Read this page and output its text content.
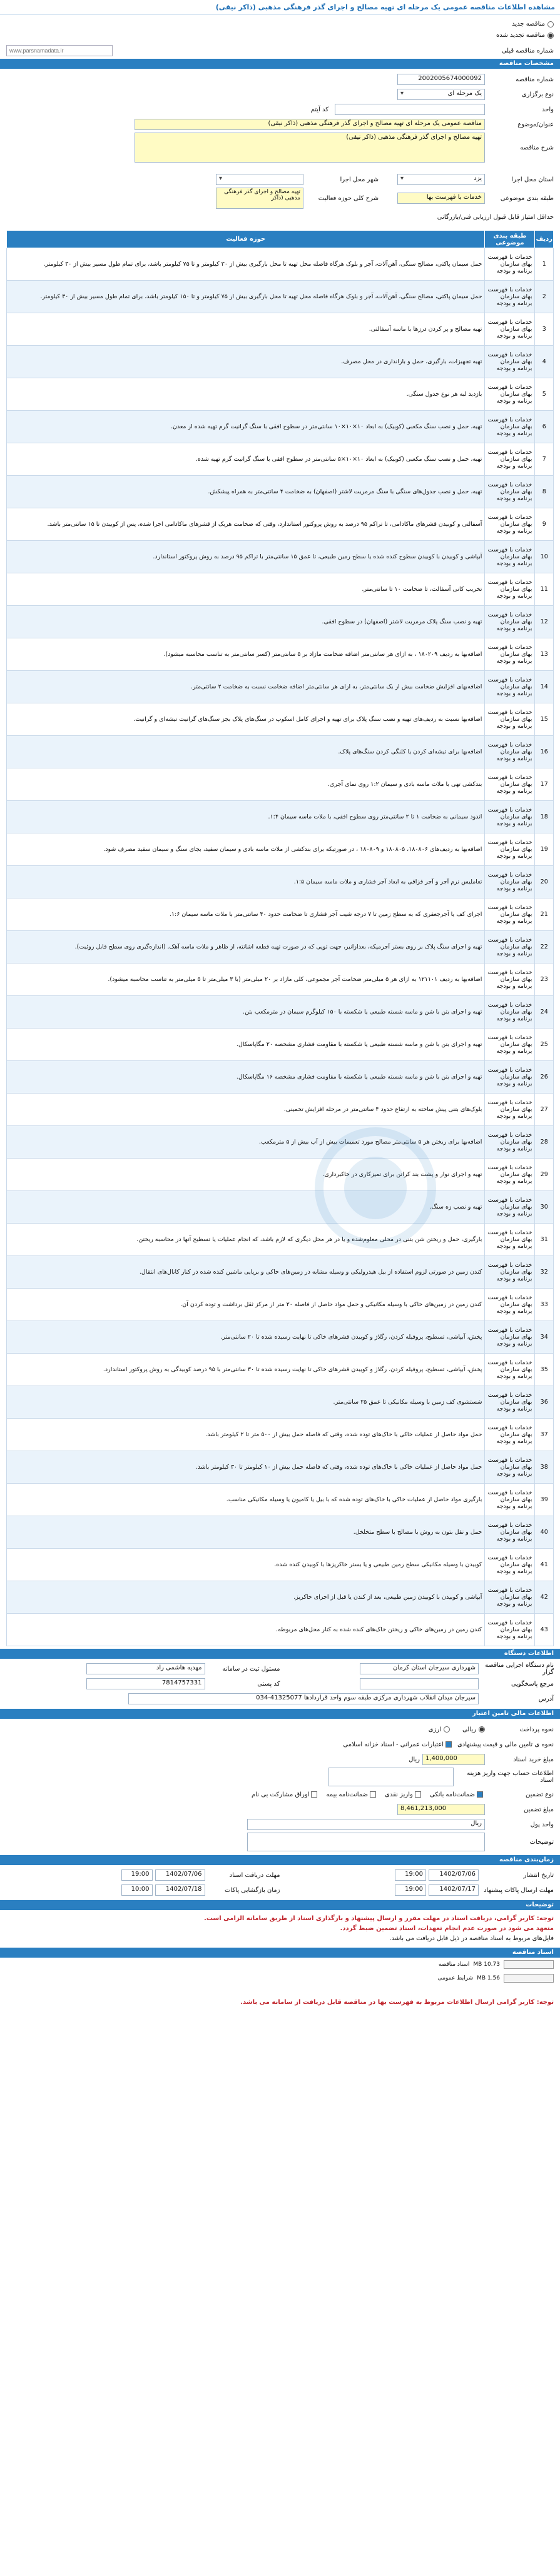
مشاهده اطلاعات مناقصه عمومی یک مرحله ای تهیه مصالح و اجرای گذر فرهنگی مذهبی (ذاکر نیقی)
مناقصه جدید
مناقصه تجدید شده
شماره مناقصه قبلی
www.parsnamadata.ir
مشخصات مناقصه
شماره مناقصه
2002005674000092
نوع برگزاری
یک مرحله ای ▾
واحد
کد آیتم
عنوان/موضوع
مناقصه عمومی یک مرحله ای تهیه مصالح و اجرای گذر فرهنگی مذهبی (ذاکر نیقی)
شرح مناقصه
تهیه مصالح و اجرای گذر فرهنگی مذهبی (ذاکر نیقی)
استان محل اجرا
یزد ▾
شهر محل اجرا
▾
طبقه بندی موضوعی
خدمات با فهرست بها
شرح کلی حوزه فعالیت
تهیه مصالح و اجرای گذر فرهنگی مذهبی (ذاکر
حداقل امتیاز قابل قبول ارزیابی فنی/بازرگانی
ردیف	طبقه بندی موضوعی	حوزه فعالیت
1	خدمات با فهرست بهای سازمان برنامه و بودجه	حمل سیمان پاکتی، مصالح سنگی، آهن‌آلات، آجر و بلوک هرگاه فاصله محل تهیه تا محل بارگیری بیش از ۳۰ کیلومتر و تا ۷۵ کیلومتر باشد، برای تمام طول مسیر بیش از ۳۰ کیلومتر.
2	خدمات با فهرست بهای سازمان برنامه و بودجه	حمل سیمان پاکتی، مصالح سنگی، آهن‌آلات، آجر و بلوک هرگاه فاصله محل تهیه تا محل بارگیری بیش از ۷۵ کیلومتر و تا ۱۵۰ کیلومتر باشد، برای تمام طول مسیر بیش از ۳۰ کیلومتر.
3	خدمات با فهرست بهای سازمان برنامه و بودجه	تهیه مصالح و پر کردن درزها با ماسه آسفالتی.
4	خدمات با فهرست بهای سازمان برنامه و بودجه	تهیه تجهیزات، بارگیری، حمل و بازاندازی در محل مصرف.
5	خدمات با فهرست بهای سازمان برنامه و بودجه	بازدید لبه هر نوع جدول سنگی.
6	خدمات با فهرست بهای سازمان برنامه و بودجه	تهیه، حمل و نصب سنگ مکعبی (کوبیک) به ابعاد ۱۰×۱۰×۱۰ سانتی‌متر در سطوح افقی با سنگ گرانیت گرم تهیه شده از معدن.
7	خدمات با فهرست بهای سازمان برنامه و بودجه	تهیه، حمل و نصب سنگ مکعبی (کوبیک) به ابعاد ۱۰×۱۰×۵ سانتی‌متر در سطوح افقی با سنگ گرانیت گرم تهیه شده.
8	خدمات با فهرست بهای سازمان برنامه و بودجه	تهیه، حمل و نصب جدول‌های سنگی با سنگ مرمریت لاشتر (اصفهان) به ضخامت ۴ سانتی‌متر به همراه پیشکش.
9	خدمات با فهرست بهای سازمان برنامه و بودجه	آسفالتی و کوبیدن قشرهای ماکادامی، تا تراکم ۹۵ درصد به روش پروکتور استاندارد، وقتی که ضخامت هریک از قشرهای ماکادامی اجرا شده، پس از کوبیدن تا ۱۵ سانتی‌متر باشد.
10	خدمات با فهرست بهای سازمان برنامه و بودجه	آبپاشی و کوبیدن با کوبیدن سطوح کنده شده یا سطح زمین طبیعی، تا عمق ۱۵ سانتی‌متر با تراکم ۹۵ درصد به روش پروکتور استاندارد.
11	خدمات با فهرست بهای سازمان برنامه و بودجه	تخریب کانی آسفالت، تا ضخامت ۱۰ تا سانتی‌متر.
12	خدمات با فهرست بهای سازمان برنامه و بودجه	تهیه و نصب سنگ پلاک مرمریت لاشتر (اصفهان) در سطوح افقی.
13	خدمات با فهرست بهای سازمان برنامه و بودجه	اضافه‌بها به ردیف ۱۸۰۲۰۹ ، به ازای هر سانتی‌متر اضافه ضخامت مازاد بر ۵ سانتی‌متر (کسر سانتی‌متر به تناسب محاسبه میشود).
14	خدمات با فهرست بهای سازمان برنامه و بودجه	اضافه‌بهای افزایش ضخامت بیش از یک سانتی‌متر، به ازای هر سانتی‌متر اضافه ضخامت نسبت به ضخامت ۲ سانتی‌متر.
15	خدمات با فهرست بهای سازمان برنامه و بودجه	اضافه‌بها نسبت به ردیف‌های تهیه و نصب سنگ پلاک برای تهیه و اجرای کامل اسکوپ در سنگ‌های پلاک بجز سنگ‌های گرانیت تیشه‌ای و گرانیت.
16	خدمات با فهرست بهای سازمان برنامه و بودجه	اضافه‌بها برای تیشه‌ای کردن یا کلنگی کردن سنگ‌های پلاک.
17	خدمات با فهرست بهای سازمان برنامه و بودجه	بندکشی تهی با ملات ماسه بادی و سیمان ۱:۲ روی نمای آجری.
18	خدمات با فهرست بهای سازمان برنامه و بودجه	اندود سیمانی به ضخامت ۱ تا ۲ سانتی‌متر روی سطوح افقی، با ملات ماسه سیمان ۱:۴.
19	خدمات با فهرست بهای سازمان برنامه و بودجه	اضافه‌بها به ردیف‌های ۱۸۰۸۰۶، ۱۸۰۸۰۵ و ۱۸۰۸۰۹ ، در صورتیکه برای بندکشی از ملات ماسه بادی و سیمان سفید، بجای سنگ و سیمان سفید مصرف شود.
20	خدمات با فهرست بهای سازمان برنامه و بودجه	تعاملیس نرم آجر و آجر قزاقی به ابعاد آجر فشاری و ملات ماسه سیمان ۱:۵.
21	خدمات با فهرست بهای سازمان برنامه و بودجه	اجرای کف یا آجرجعفری که به سطح زمین تا ۷ درجه شیب آجر فشاری تا ضخامت حدود ۴۰ سانتی‌متر با ملات ماسه سیمان ۱:۶.
22	خدمات با فهرست بهای سازمان برنامه و بودجه	تهیه و اجرای سنگ پلاک بر روی بستر آجرمپکه، بعدازانبر، جهت توپی که در صورت تهیه قطعه اشانته، از ظاهر و ملات ماسه آهک. (اندازه‌گیری روی سطح قابل روئیت).
23	خدمات با فهرست بهای سازمان برنامه و بودجه	اضافه‌بها به ردیف ۱۲۱۱۰۱ به ازای هر ۵ میلی‌متر ضخامت آجر مجموعی، کلی مازاد بر ۲۰ میلی‌متر (با ۳ میلی‌متر تا ۵ میلی‌متر به تناسب محاسبه میشود).
24	خدمات با فهرست بهای سازمان برنامه و بودجه	تهیه و اجرای بتن با شن و ماسه شسته طبیعی یا شکسته با ۱۵۰ کیلوگرم سیمان در مترمکعب بتن.
25	خدمات با فهرست بهای سازمان برنامه و بودجه	تهیه و اجرای بتن با شن و ماسه شسته طبیعی یا شکسته با مقاومت فشاری مشخصه ۲۰ مگاپاسکال.
26	خدمات با فهرست بهای سازمان برنامه و بودجه	تهیه و اجرای بتن با شن و ماسه شسته طبیعی یا شکسته با مقاومت فشاری مشخصه ۱۶ مگاپاسکال.
27	خدمات با فهرست بهای سازمان برنامه و بودجه	بلوک‌های بتنی پیش ساخته به ارتفاع حدود ۴ سانتی‌متر در مرحله افزایش تخمینی.
28	خدمات با فهرست بهای سازمان برنامه و بودجه	اضافه‌بها برای ریختن هر ۵ سانتی‌متر مصالح مورد تعمیمات بیش از آب بیش از ۵ مترمکعب.
29	خدمات با فهرست بهای سازمان برنامه و بودجه	تهیه و اجرای نوار و پشت بند کراتن برای تمیزکاری در خاکبرداری.
30	خدمات با فهرست بهای سازمان برنامه و بودجه	تهیه و نصب زه سنگ.
31	خدمات با فهرست بهای سازمان برنامه و بودجه	بارگیری، حمل و ریختن شن بتنی در محلی معلوم‌شده و یا در هر محل دیگری که لازم باشد، که انجام عملیات یا تسطیح آنها در محاسبه ریختن.
32	خدمات با فهرست بهای سازمان برنامه و بودجه	کندن زمین در صورتی لزوم استفاده از بیل هیدرولیکی و وسیله مشابه در زمین‌های خاکی و برپایی ماشین کنده شده در کنار کانال‌های انتقال.
33	خدمات با فهرست بهای سازمان برنامه و بودجه	کندن زمین در زمین‌های خاکی با وسیله مکانیکی و حمل مواد حاصل از فاصله ۲۰ متر از مرکز ثقل برداشت و توده کردن آن.
34	خدمات با فهرست بهای سازمان برنامه و بودجه	پخش، آبپاشی، تسطیح، پروفیله کردن، رگلاژ و کوبیدن قشرهای خاکی تا نهایت رسیده شده تا ۲۰ سانتی‌متر.
35	خدمات با فهرست بهای سازمان برنامه و بودجه	پخش، آبپاشی، تسطیح، پروفیله کردن، رگلاژ و کوبیدن قشرهای خاکی تا نهایت رسیده شده تا ۳۰ سانتی‌متر با ۹۵ درصد کوبیدگی به روش پروکتور استاندارد.
36	خدمات با فهرست بهای سازمان برنامه و بودجه	شستشوی کف زمین با وسیله مکانیکی تا عمق ۲۵ سانتی‌متر.
37	خدمات با فهرست بهای سازمان برنامه و بودجه	حمل مواد حاصل از عملیات خاکی با خاک‌های توده شده، وقتی که فاصله حمل بیش از ۵۰۰ متر تا ۲ کیلومتر باشد.
38	خدمات با فهرست بهای سازمان برنامه و بودجه	حمل مواد حاصل از عملیات خاکی با خاک‌های توده شده، وقتی که فاصله حمل بیش از ۱۰ کیلومتر تا ۳۰ کیلومتر باشد.
39	خدمات با فهرست بهای سازمان برنامه و بودجه	بارگیری مواد حاصل از عملیات خاکی با خاک‌های توده شده که با بیل یا کامیون یا وسیله مکانیکی مناسب.
40	خدمات با فهرست بهای سازمان برنامه و بودجه	حمل و نقل بتون به روش با مصالح با سطح متخلخل.
41	خدمات با فهرست بهای سازمان برنامه و بودجه	کوبیدن با وسیله مکانیکی سطح زمین طبیعی و یا بستر خاکریزها با کوبیدن کنده شده.
42	خدمات با فهرست بهای سازمان برنامه و بودجه	آبپاشی و کوبیدن با کوبیدن زمین طبیعی، بعد از کندن یا قبل از اجرای خاکریز.
43	خدمات با فهرست بهای سازمان برنامه و بودجه	کندن زمین در زمین‌های خاکی و ریختن خاک‌های کنده شده به کنار محل‌های مربوطه.
اطلاعات دستگاه
نام دستگاه اجرایی مناقصه گزار
شهرداری سیرجان استان کرمان
مسئول ثبت در سامانه
مهدیه هاشمی راد
مرجع پاسخگویی
کد پستی
7814757331
آدرس
سیرجان میدان انقلاب شهرداری مرکزی طبقه سوم واحد قراردادها 41325077-034
اطلاعات مالی تامین اعتبار
نحوه پرداخت
ریالی
ارزی
نحوه ی تامین مالی و قیمت پیشنهادی
اعتبارات عمرانی - اسناد خزانه اسلامی
مبلغ خرید اسناد
1,400,000
ریال
اطلاعات حساب جهت واریز هزینه اسناد
نوع تضمین
ضمانت‌نامه بانکی
واریز نقدی
ضمانت‌نامه بیمه
اوراق مشارکت بی نام
مبلغ تضمین
8,461,213,000
واحد پول
ریال
توضیحات
زمان‌بندی مناقصه
تاریخ انتشار
1402/07/06
19:00
مهلت دریافت اسناد
1402/07/06
19:00
مهلت ارسال پاکات پیشنهاد
1402/07/17
19:00
زمان بازگشایی پاکات
1402/07/18
10:00
توضیحات
توجه: کاربر گرامی، دریافت اسناد در مهلت مقرر و ارسال پیشنهاد و بارگذاری اسناد از طریق سامانه الزامی است.
متعهد می شود در صورت عدم انجام تعهدات، اسناد تضمین ضبط گردد.
فایل‌های مربوط به اسناد مناقصه در ذیل قابل دریافت می باشد.
اسناد مناقصه
10.73 MB
اسناد مناقصه
1.56 MB
شرایط عمومی
توجه: کاربر گرامی ارسال اطلاعات مربوط به فهرست بها در مناقصه قابل دریافت از سامانه می باشد.
